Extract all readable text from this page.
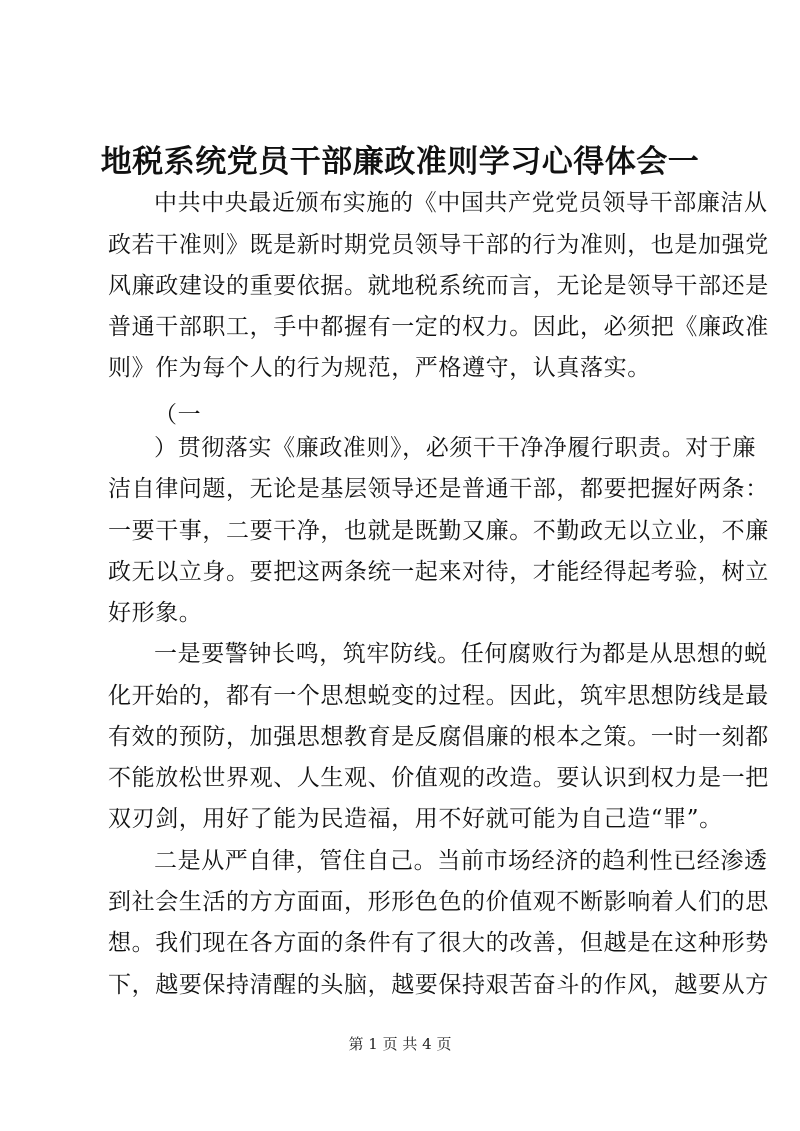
地税系统党员干部廉政准则学习心得体会一
中共中央最近颁布实施的《中国共产党党员领导干部廉洁从
政若干准则》既是新时期党员领导干部的行为准则，也是加强党
风廉政建设的重要依据。就地税系统而言，无论是领导干部还是
普通干部职工，手中都握有一定的权力。因此，必须把《廉政准
则》作为每个人的行为规范，严格遵守，认真落实。
（一
）贯彻落实《廉政准则》，必须干干净净履行职责。对于廉
洁自律问题，无论是基层领导还是普通干部，都要把握好两条：
一要干事，二要干净，也就是既勤又廉。不勤政无以立业，不廉
政无以立身。要把这两条统一起来对待，才能经得起考验，树立
好形象。
一是要警钟长鸣，筑牢防线。任何腐败行为都是从思想的蜕
化开始的，都有一个思想蜕变的过程。因此，筑牢思想防线是最
有效的预防，加强思想教育是反腐倡廉的根本之策。一时一刻都
不能放松世界观、人生观、价值观的改造。要认识到权力是一把
双刃剑，用好了能为民造福，用不好就可能为自己造“罪”。
二是从严自律，管住自己。当前市场经济的趋利性已经渗透
到社会生活的方方面面，形形色色的价值观不断影响着人们的思
想。我们现在各方面的条件有了很大的改善，但越是在这种形势
下，越要保持清醒的头脑，越要保持艰苦奋斗的作风，越要从方
第 1 页 共 4 页
